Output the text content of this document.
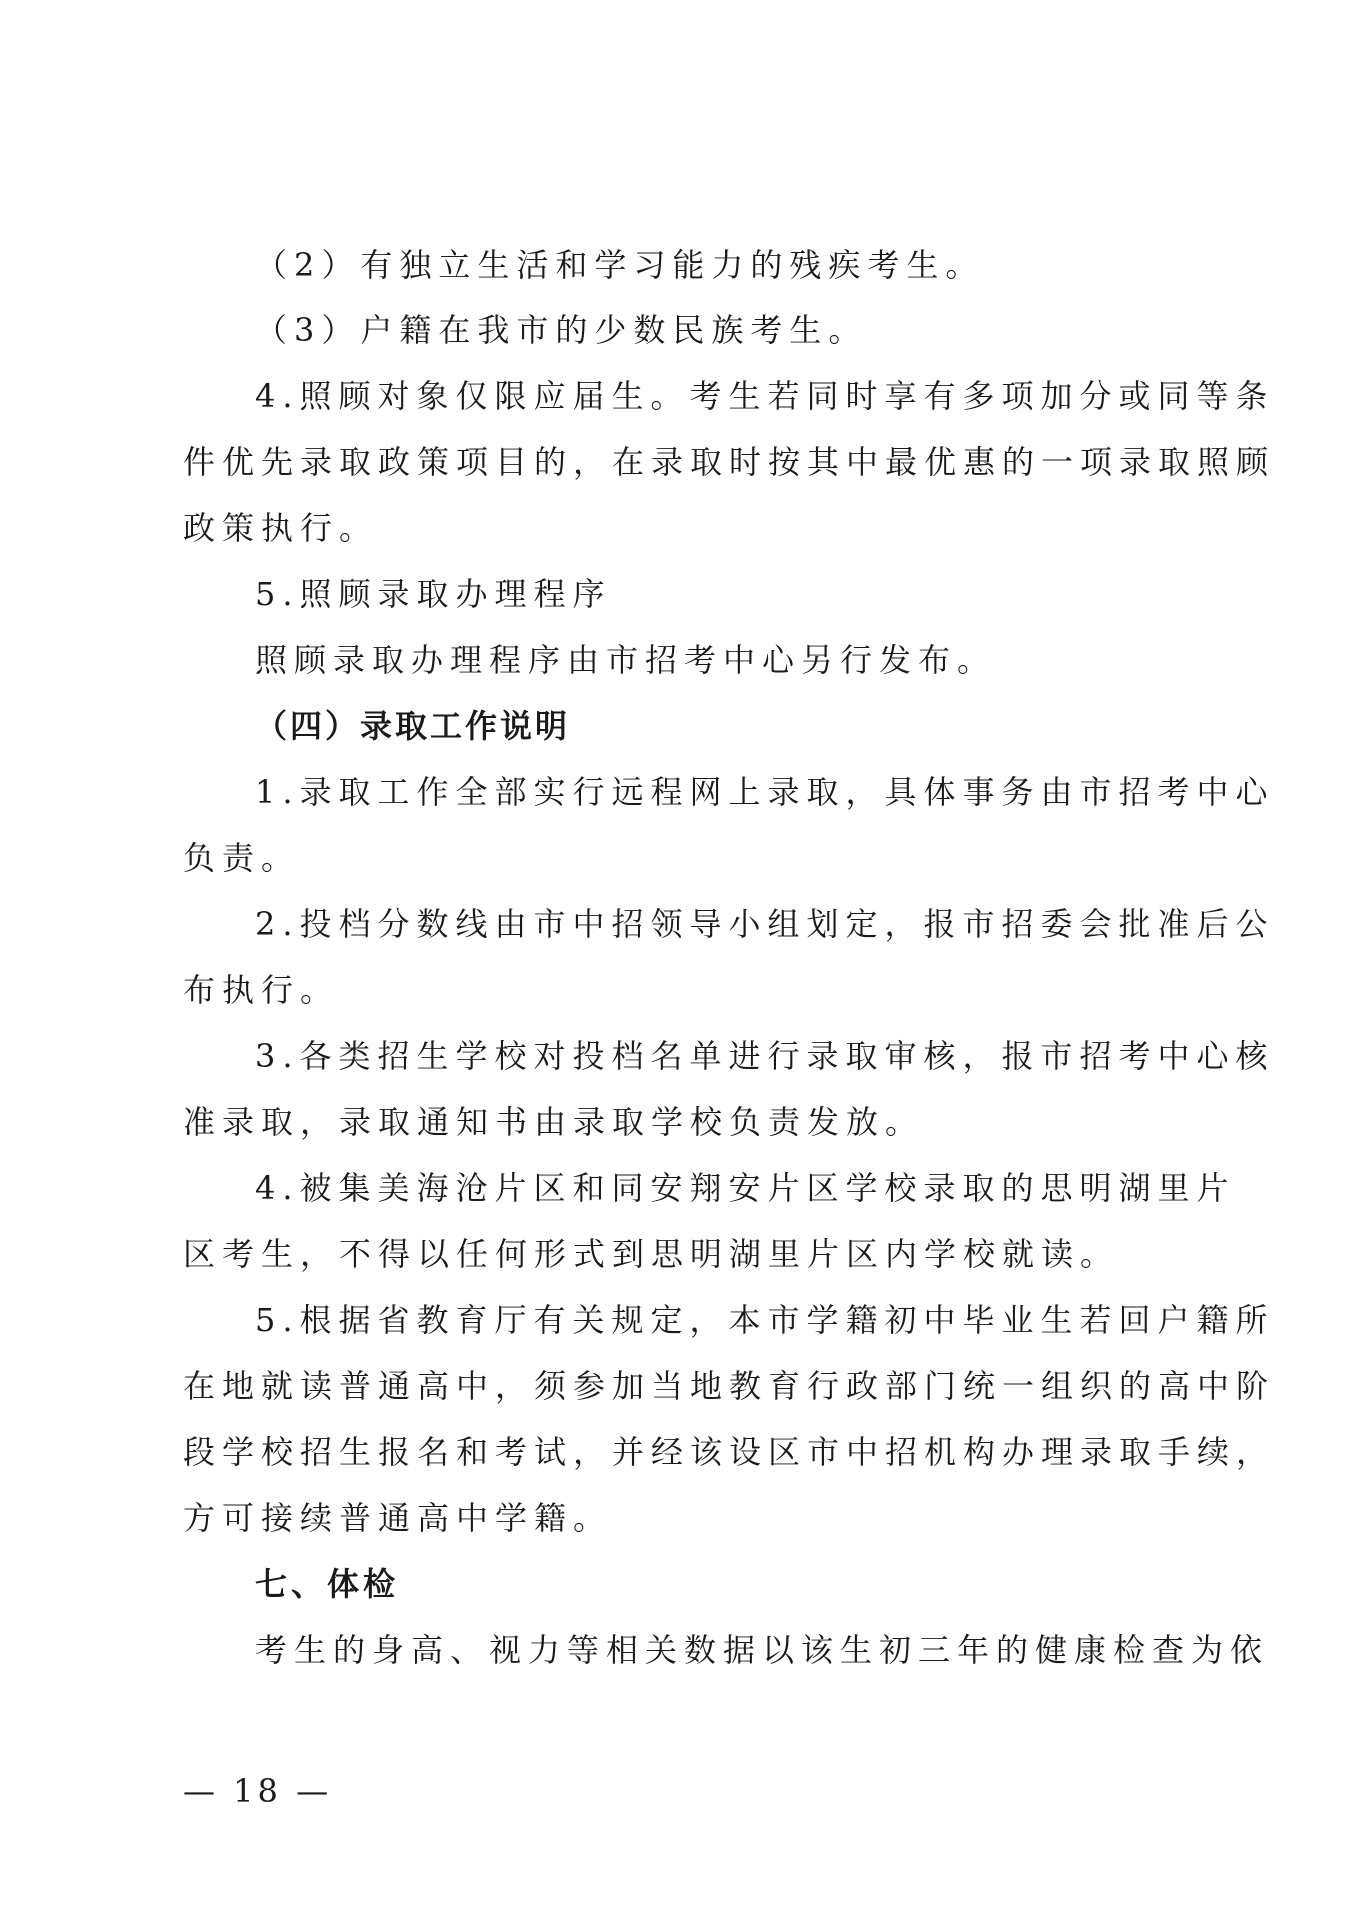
（2）有独立生活和学习能力的残疾考生。
（3）户籍在我市的少数民族考生。
4.照顾对象仅限应届生。考生若同时享有多项加分或同等条
件优先录取政策项目的，在录取时按其中最优惠的一项录取照顾
政策执行。
5.照顾录取办理程序
照顾录取办理程序由市招考中心另行发布。
（四）录取工作说明
1.录取工作全部实行远程网上录取，具体事务由市招考中心
负责。
2.投档分数线由市中招领导小组划定，报市招委会批准后公
布执行。
3.各类招生学校对投档名单进行录取审核，报市招考中心核
准录取，录取通知书由录取学校负责发放。
4.被集美海沧片区和同安翔安片区学校录取的思明湖里片
区考生，不得以任何形式到思明湖里片区内学校就读。
5.根据省教育厅有关规定，本市学籍初中毕业生若回户籍所
在地就读普通高中，须参加当地教育行政部门统一组织的高中阶
段学校招生报名和考试，并经该设区市中招机构办理录取手续，
方可接续普通高中学籍。
七、体检
考生的身高、视力等相关数据以该生初三年的健康检查为依
— 18 —
